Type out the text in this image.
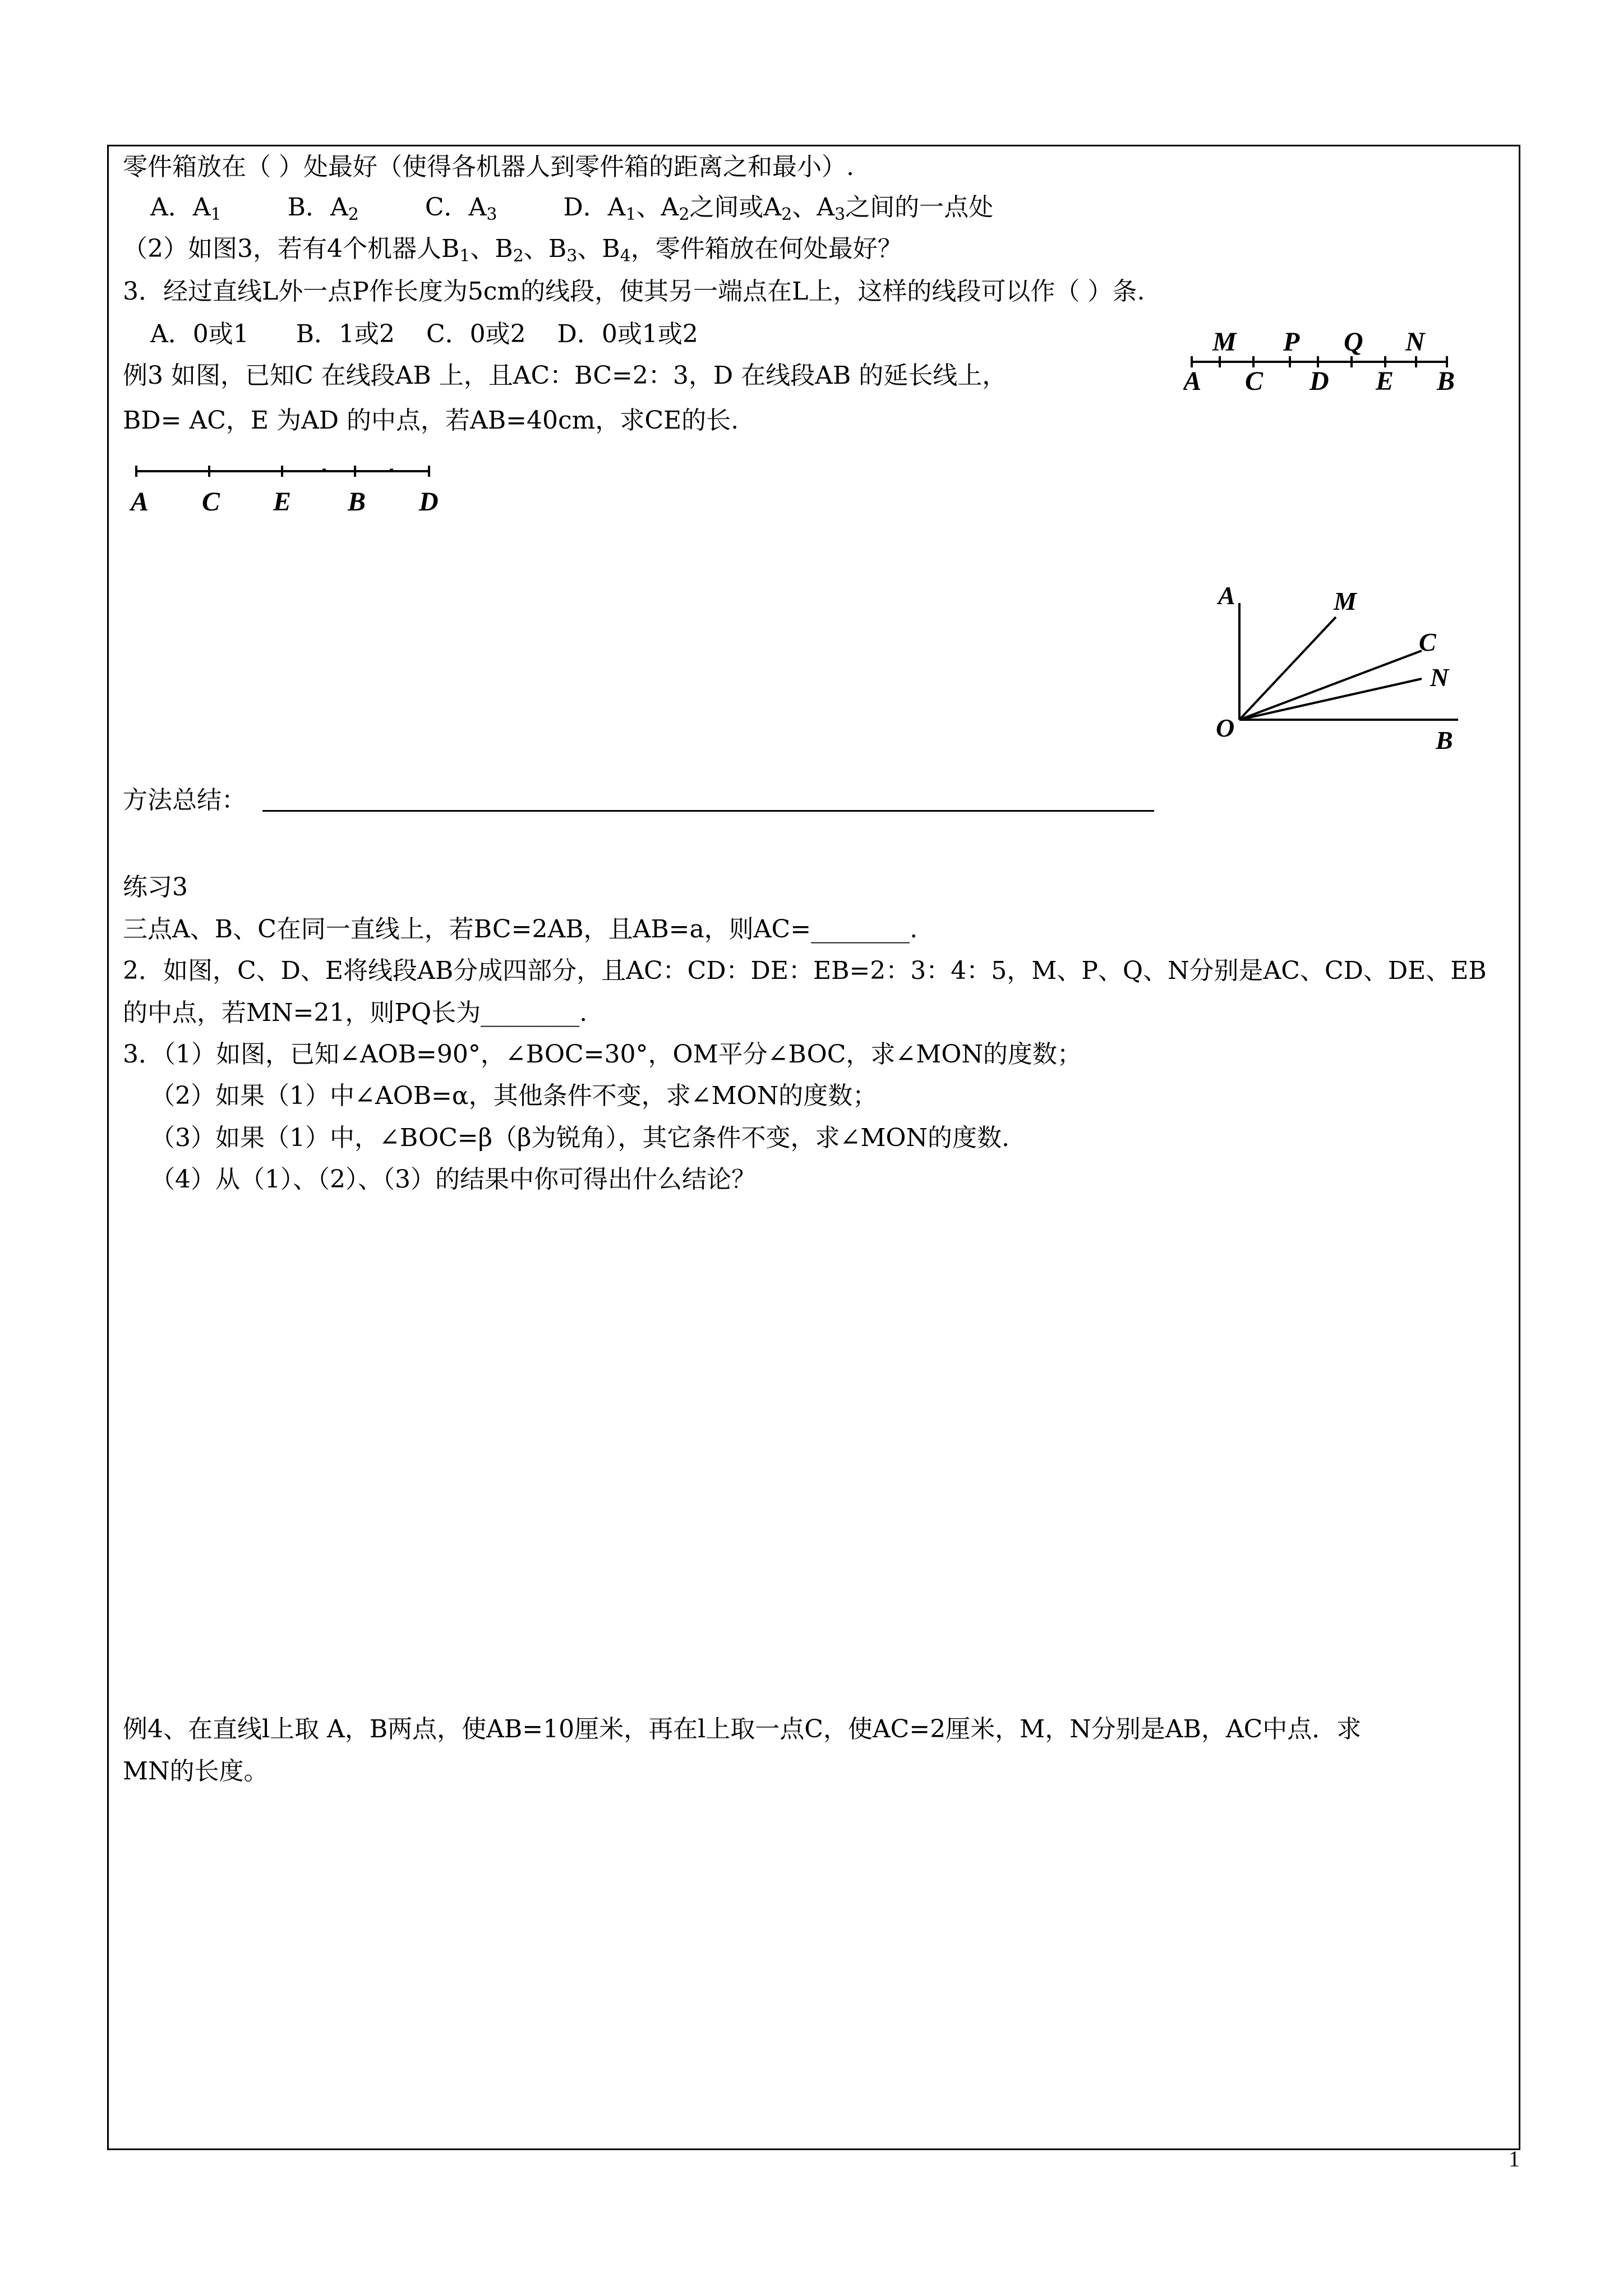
零件箱放在（ ）处最好（使得各机器人到零件箱的距离之和最小）.
A．$A_1$	B．$A_2$	C．$A_3$	D．$A_1$、$A_2$之间或$A_2$、$A_3$之间的一点处
（2）如图3，若有4个机器人$B_1$、$B_2$、$B_3$、$B_4$，零件箱放在何处最好？
3．经过直线L外一点P作长度为5cm的线段，使其另一端点在L上，这样的线段可以作（ ）条.
A．0或1      B．1或2    C．0或2    D．0或1或2
例3 如图，已知C 在线段AB 上，且AC：BC=2：3，D 在线段AB 的延长线上，
BD= AC，E 为AD 的中点，若AB=40cm，求CE的长.
M P Q N
A C D E B
A C E B D
A	M
C
N
O	B
方法总结：
练习3
三点A、B、C在同一直线上，若BC=2AB，且AB=a，则AC=________.
2．如图，C、D、E将线段AB分成四部分，且AC：CD：DE：EB=2：3：4：5，M、P、Q、N分别是AC、CD、DE、EB
的中点，若MN=21，则PQ长为________.
3．（1）如图，已知∠AOB=90°，∠BOC=30°，OM平分∠BOC，求∠MON的度数；
（2）如果（1）中∠AOB=α，其他条件不变，求∠MON的度数；
（3）如果（1）中，∠BOC=β（β为锐角），其它条件不变，求∠MON的度数.
（4）从（1）、（2）、（3）的结果中你可得出什么结论？
例4、在直线l上取 A，B两点，使AB=10厘米，再在l上取一点C，使AC=2厘米，M，N分别是AB，AC中点．求
MN的长度。
1
